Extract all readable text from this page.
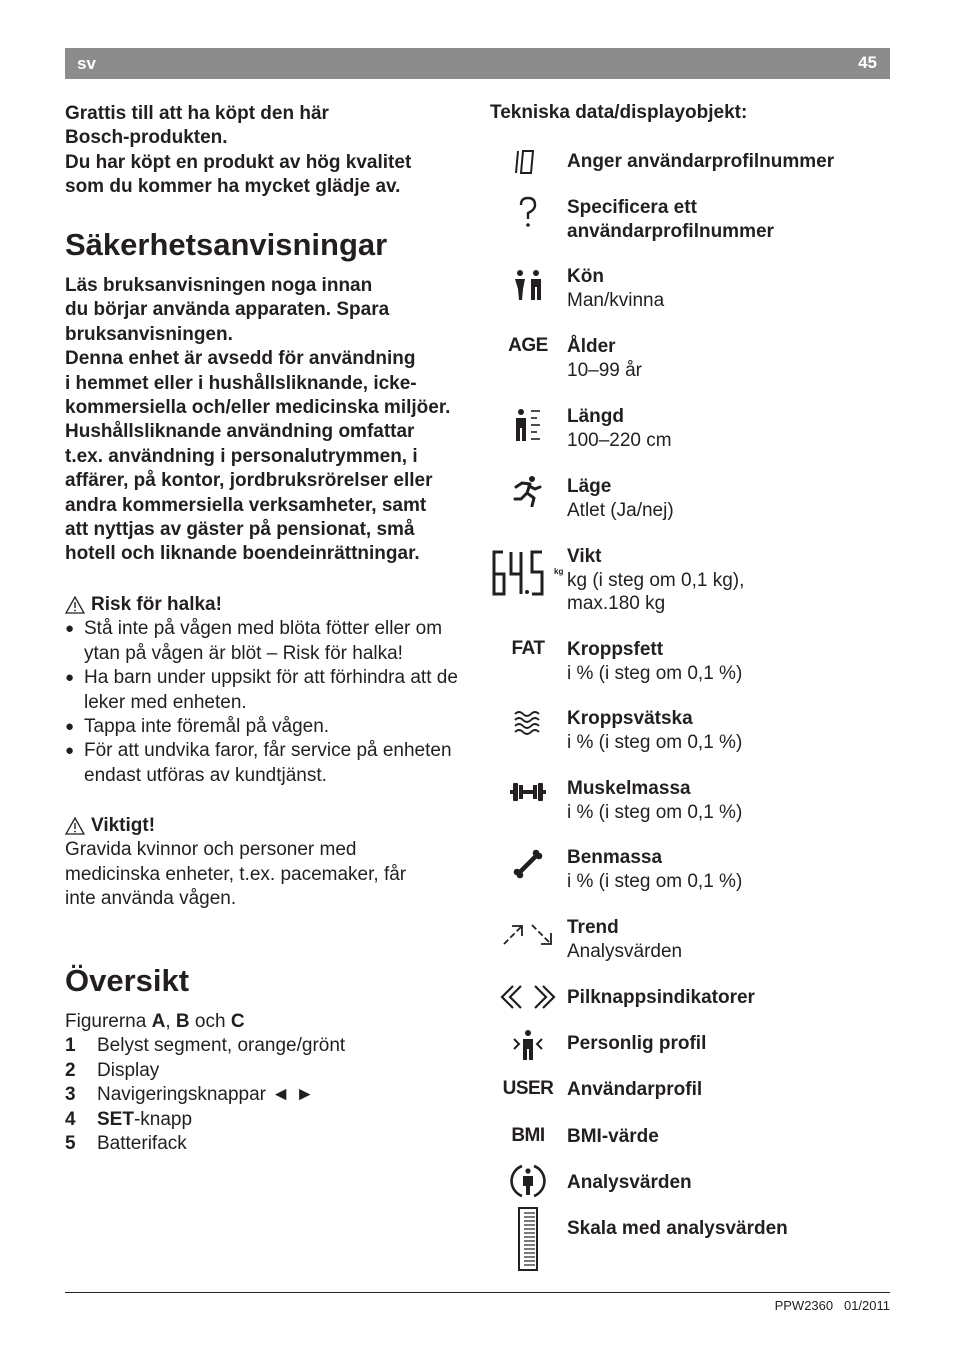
sv	45

Grattis till att ha köpt den här

Bosch-produkten.

Du har köpt en produkt av hög kvalitet

som du kommer ha mycket glädje av.

Säkerhetsanvisningar

Läs bruksanvisningen noga innan

du börjar använda apparaten. Spara

bruksanvisningen.

Denna enhet är avsedd för användning

i hemmet eller i hushållsliknande, icke-

kommersiella och/eller medicinska miljöer.

Hushållsliknande användning omfattar

t.ex. användning i personalutrymmen, i

affärer, på kontor, jordbruksrörelser eller

andra kommersiella verksamheter, samt

att nyttjas av gäster på pensionat, små

hotell och liknande boendeinrättningar.

Risk för halka!
● Stå inte på vågen med blöta fötter eller om ytan på vågen är blöt – Risk för halka!
● Ha barn under uppsikt för att förhindra att de leker med enheten.
● Tappa inte föremål på vågen.
● För att undvika faror, får service på enheten endast utföras av kundtjänst.
Viktigt!

Gravida kvinnor och personer med

medicinska enheter, t.ex. pacemaker, får

inte använda vågen.

Översikt

Figurerna A, B och C

1	Belyst segment, orange/grönt
2	Display
3	Navigeringsknappar ◄ ►
4	SET-knapp
5	Batterifack
Tekniska data/displayobjekt:
Anger användarprofilnummer
Specificera ett
användarprofilnummer
Kön
Man/kvinna
AGE Ålder
10–99 år
Längd
100–220 cm
Läge
Atlet (Ja/nej)
kg
Vikt
kg (i steg om 0,1 kg),
max.180 kg
FAT Kroppsfett
i % (i steg om 0,1 %)
Kroppsvätska
i % (i steg om 0,1 %)
Muskelmassa
i % (i steg om 0,1 %)
Benmassa
i % (i steg om 0,1 %)
Trend
Analysvärden
Pilknappsindikatorer
Personlig profil
USER Användarprofil
BMI BMI-värde
Analysvärden
Skala med analysvärden
PPW2360 01/2011
